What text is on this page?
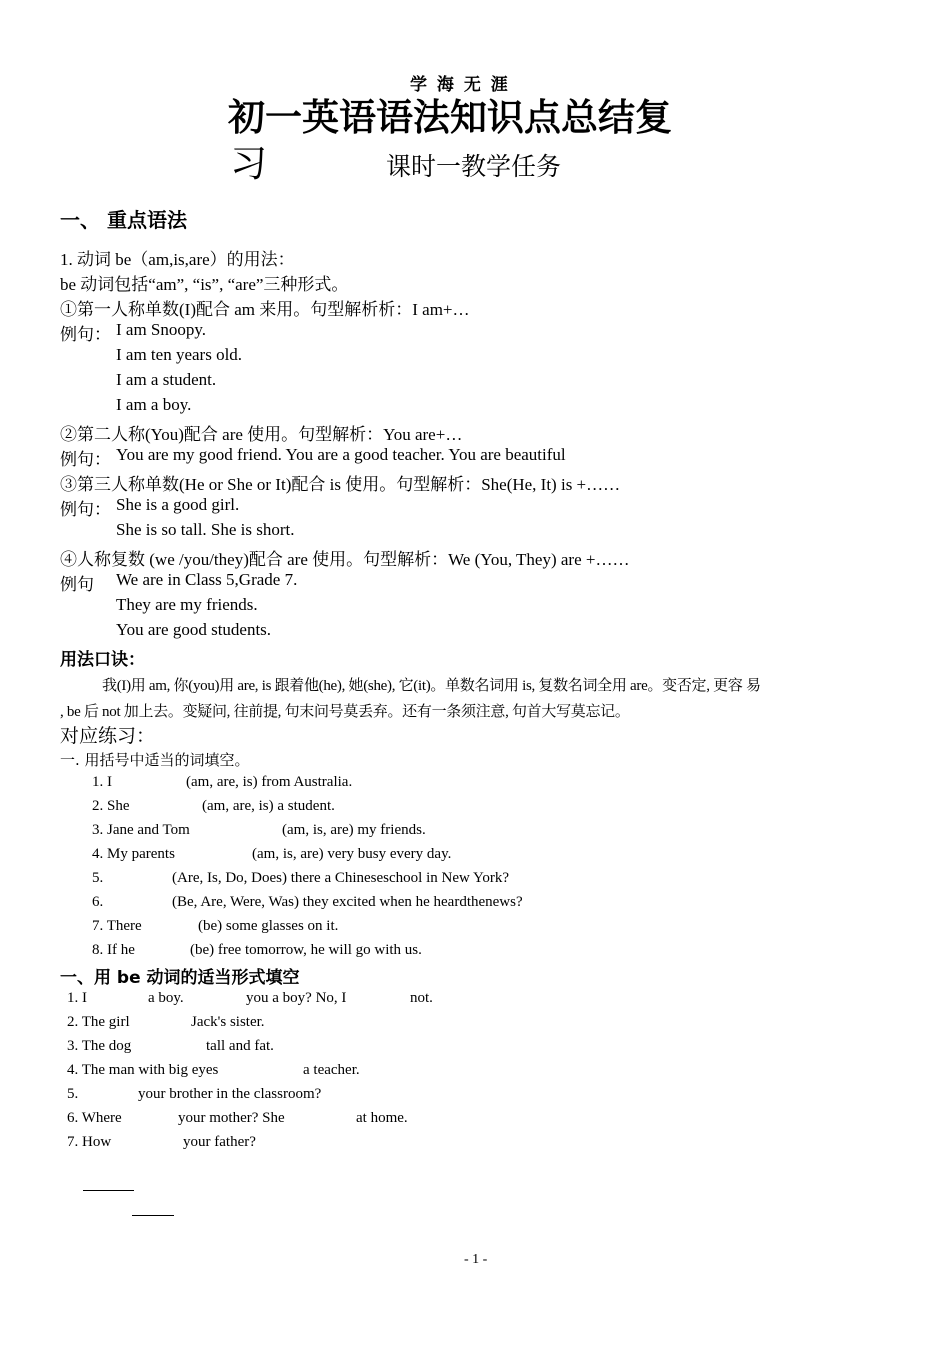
学 海 无 涯
初一英语语法知识点总结复
习	课时一教学任务
一、 重点语法
1. 动词 be（am,is,are）的用法：
be 动词包括“am”, “is”, “are”三种形式。
①第一人称单数(I)配合 am 来用。句型解析析：I am+…
例句： I am Snoopy.
I am ten years old.
I am a student.
I am a boy.
②第二人称(You)配合 are 使用。句型解析：You are+…
例句： You are my good friend. You are a good teacher. You are beautiful
③第三人称单数(He or She or It)配合 is 使用。句型解析：She(He, It) is +……
例句： She is a good girl.
She is so tall. She is short.
④人称复数 (we /you/they)配合 are 使用。句型解析：We (You, They) are +……
例句 We are in Class 5,Grade 7.
They are my friends.
You are good students.
用法口诀：
我(I)用 am, 你(you)用 are, is 跟着他(he), 她(she), 它(it)。单数名词用 is, 复数名词全用 are。变否定, 更容 易
, be 后 not 加上去。变疑问, 往前提, 句末问号莫丢弃。还有一条须注意, 句首大写莫忘记。
对应练习：
一. 用括号中适当的词填空。
1. I	(am, are, is) from Australia.
2. She	(am, are, is) a student.
3. Jane and Tom	(am, is, are) my friends.
4. My parents	(am, is, are) very busy every day.
5.	(Are, Is, Do, Does) there a Chineseschool in New York?
6.	(Be, Are, Were, Was) they excited when he heardthenews?
7. There	(be) some glasses on it.
8. If he	(be) free tomorrow, he will go with us.
一、用 be 动词的适当形式填空
1. I	a boy.	you a boy? No, I	not.
2. The girl	Jack's sister.
3. The dog	tall and fat.
4. The man with big eyes	a teacher.
5.	your brother in the classroom?
6. Where	your mother? She	at home.
7. How	your father?
- 1 -
